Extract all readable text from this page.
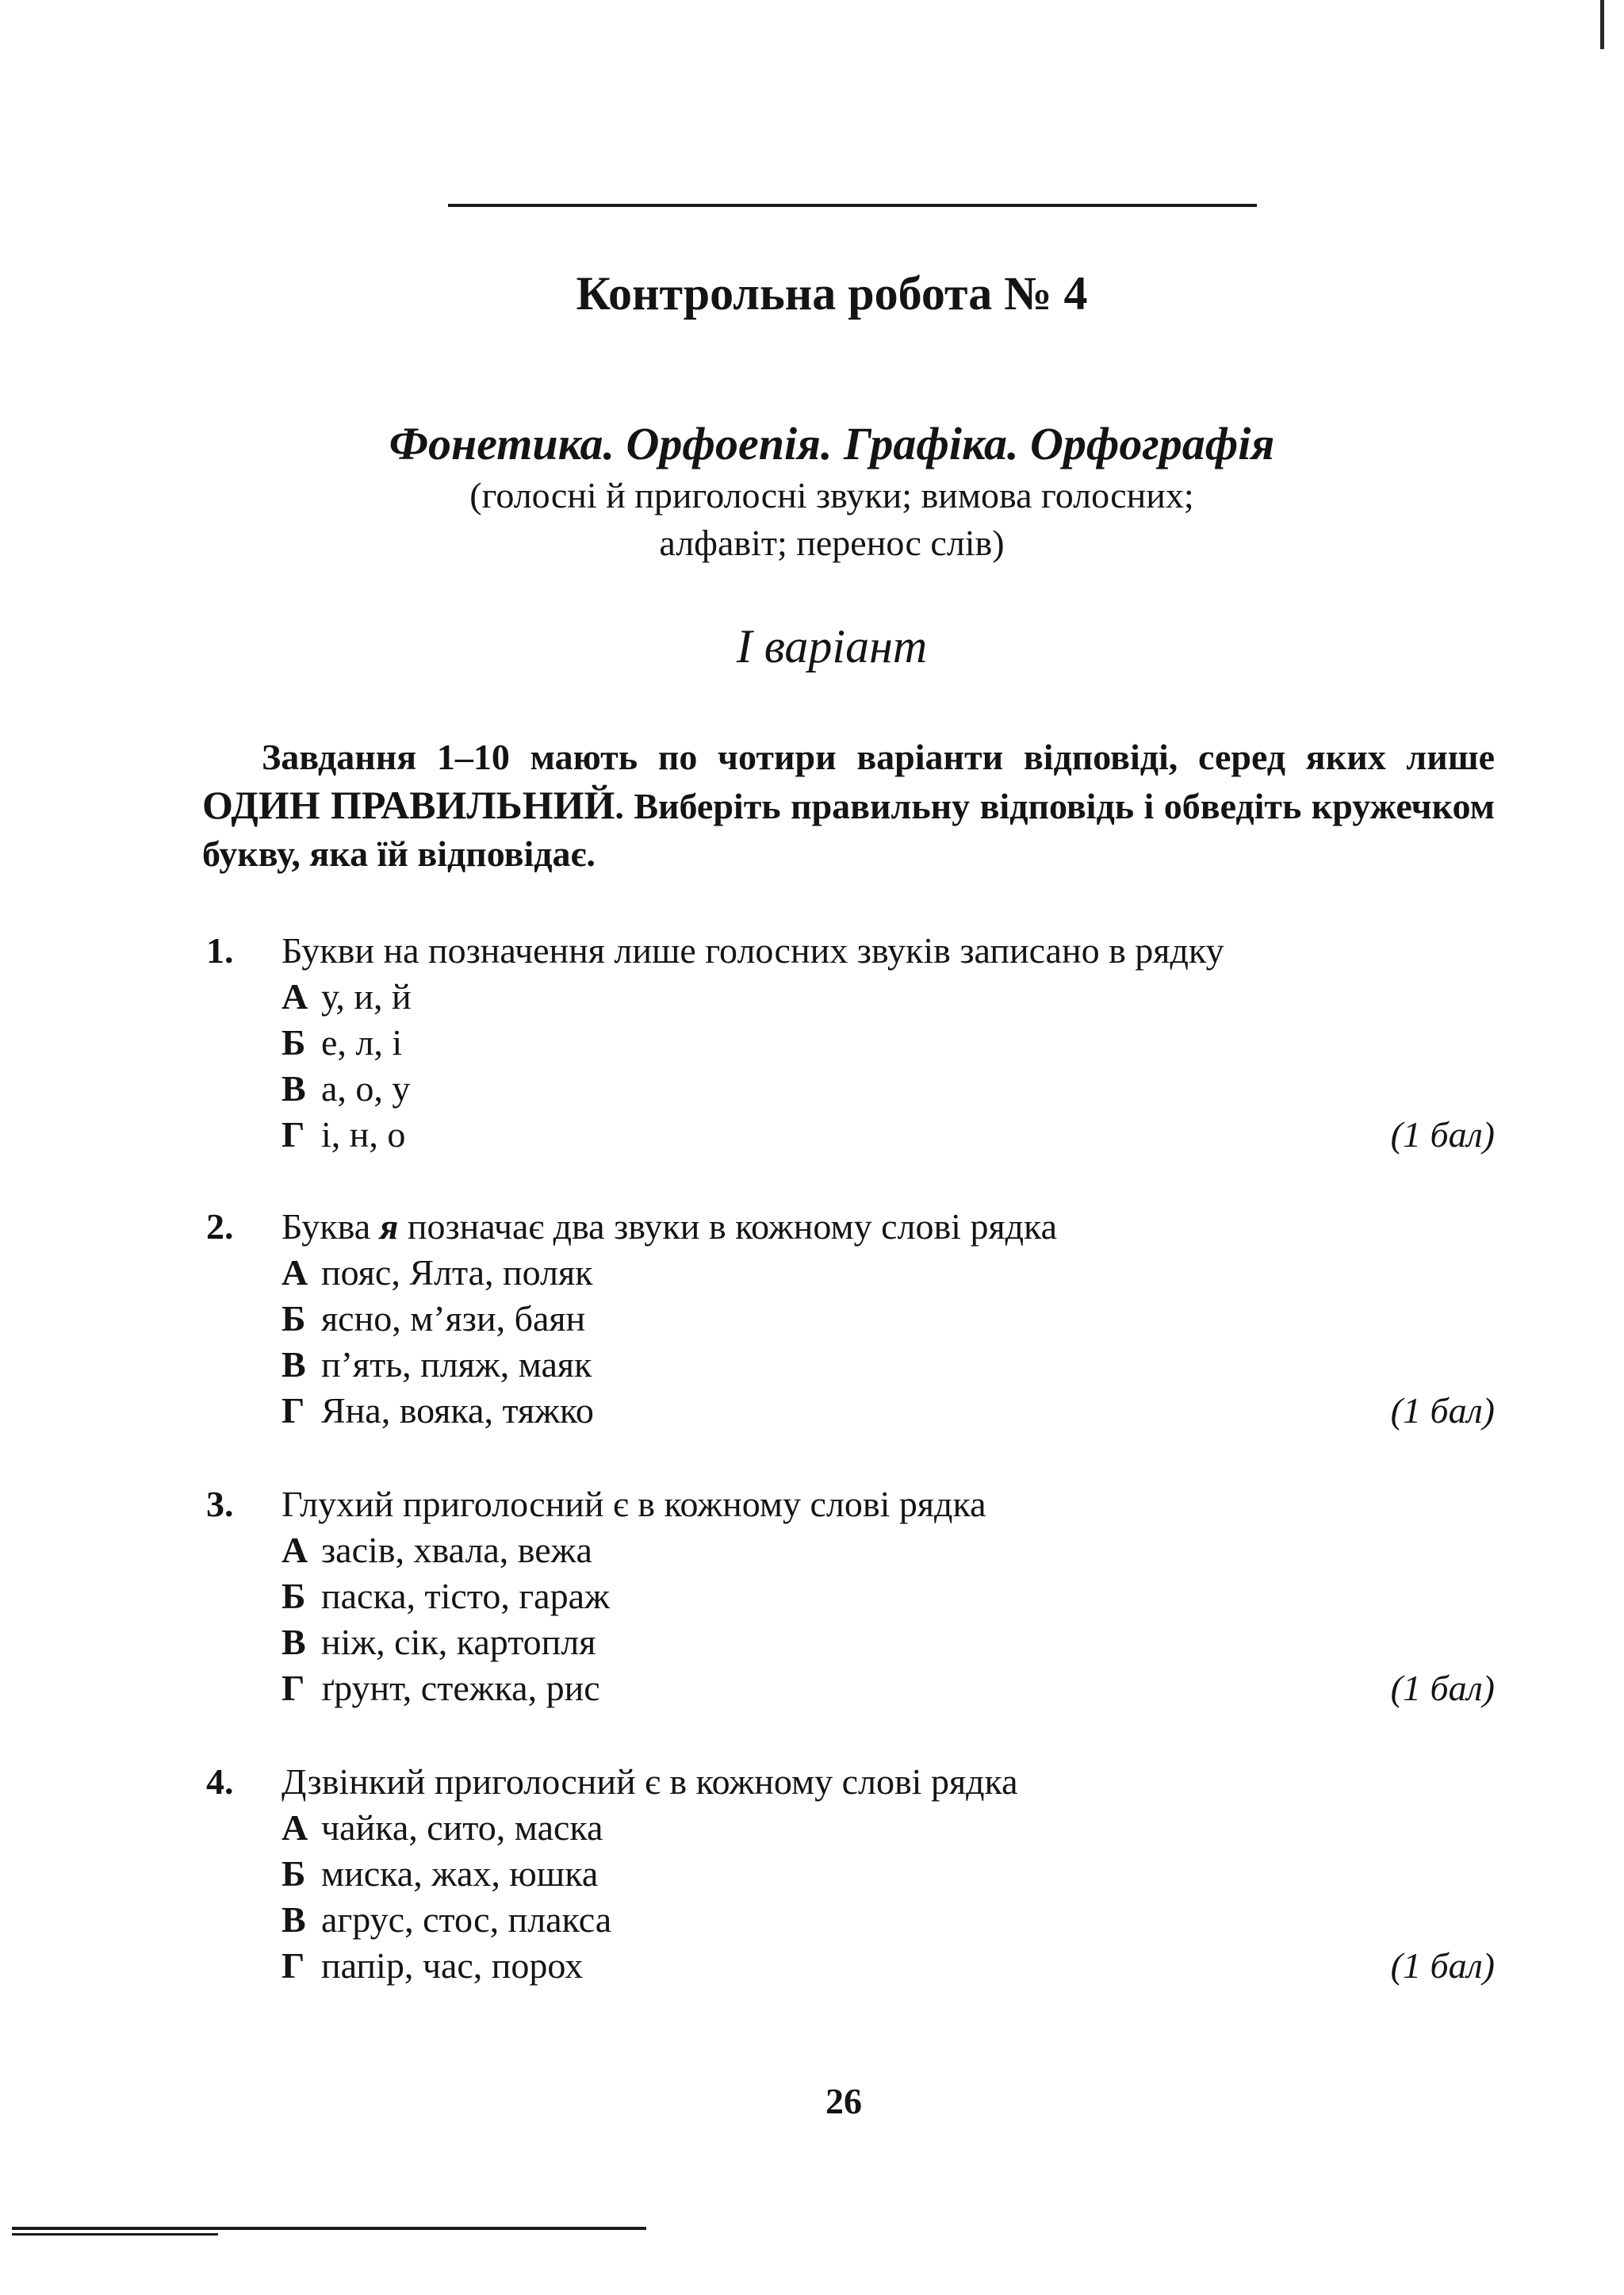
Контрольна робота № 4
Фонетика. Орфоепія. Графіка. Орфографія
(голосні й приголосні звуки; вимова голосних;
алфавіт; перенос слів)
І варіант
Завдання 1–10 мають по чотири варіанти відповіді, серед яких лише ОДИН ПРАВИЛЬНИЙ. Виберіть правильну відповідь і обведіть кружечком букву, яка їй відповідає.
1.	Букви на позначення лише голосних звуків записано в рядку
А у, и, й
Б е, л, і
В а, о, у
Г і, н, о	(1 бал)
2.	Буква я позначає два звуки в кожному слові рядка
А пояс, Ялта, поляк
Б ясно, м’язи, баян
В п’ять, пляж, маяк
Г Яна, вояка, тяжко	(1 бал)
3.	Глухий приголосний є в кожному слові рядка
А засів, хвала, вежа
Б паска, тісто, гараж
В ніж, сік, картопля
Г ґрунт, стежка, рис	(1 бал)
4.	Дзвінкий приголосний є в кожному слові рядка
А чайка, сито, маска
Б миска, жах, юшка
В агрус, стос, плакса
Г папір, час, порох	(1 бал)
26
